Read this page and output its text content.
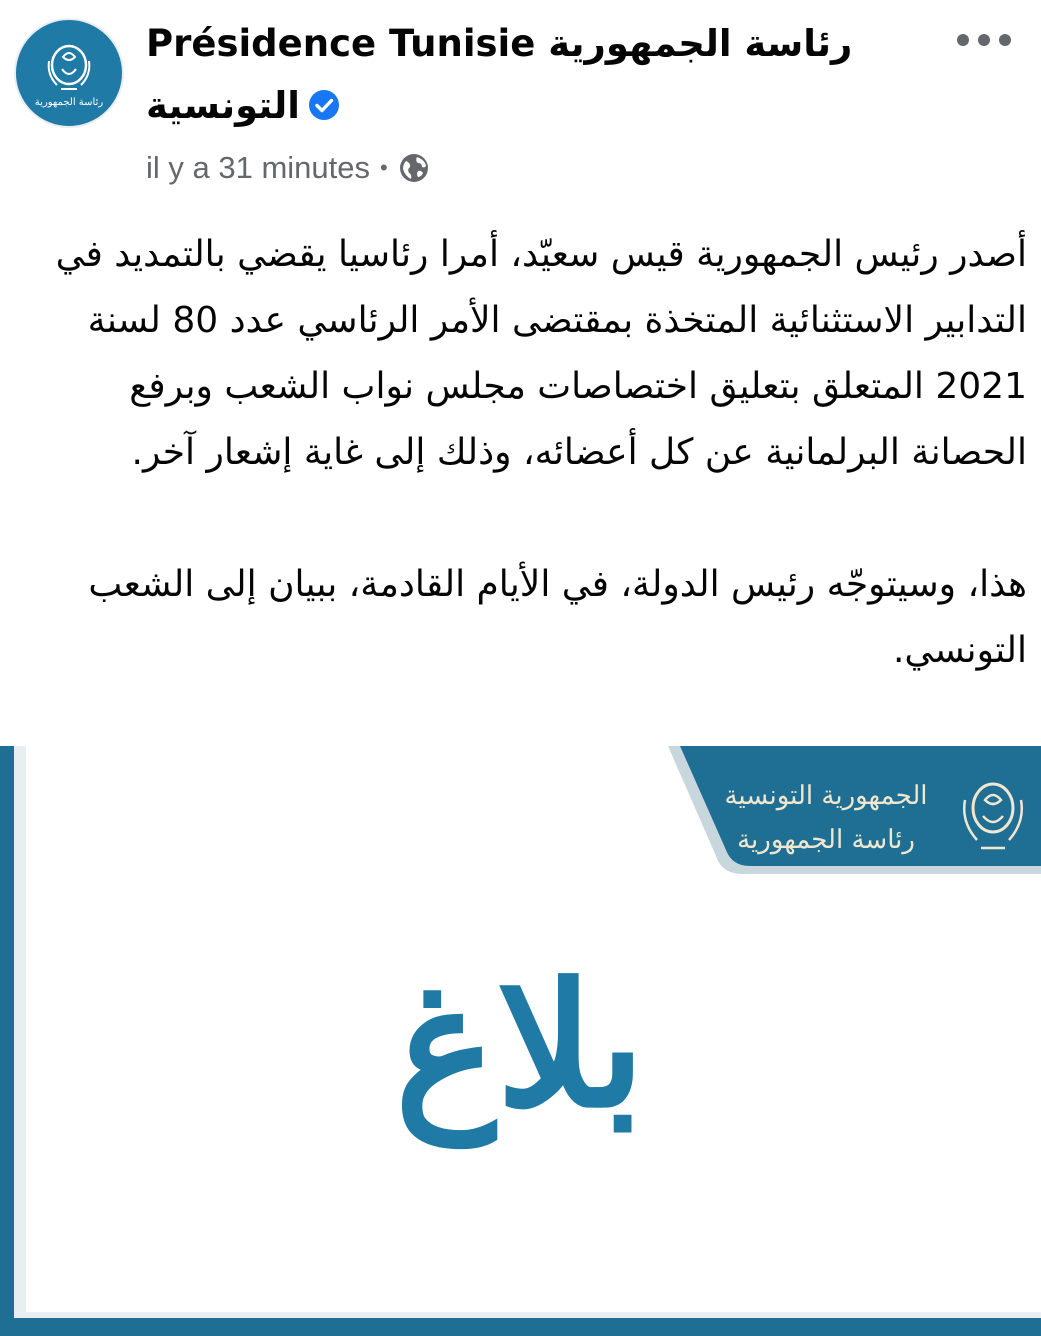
رئاسة الجمهورية
Présidence Tunisie رئاسة الجمهورية
التونسية
il y a 31 minutes •

أصدر رئيس الجمهورية قيس سعيّد، أمرا رئاسيا يقضي بالتمديد في التدابير الاستثنائية المتخذة بمقتضى الأمر الرئاسي عدد 80 لسنة 2021 المتعلق بتعليق اختصاصات مجلس نواب الشعب وبرفع الحصانة البرلمانية عن كل أعضائه، وذلك إلى غاية إشعار آخر.

هذا، وسيتوجّه رئيس الدولة، في الأيام القادمة، ببيان إلى الشعب التونسي.

الجمهورية التونسية
رئاسة الجمهورية
بلاغ
